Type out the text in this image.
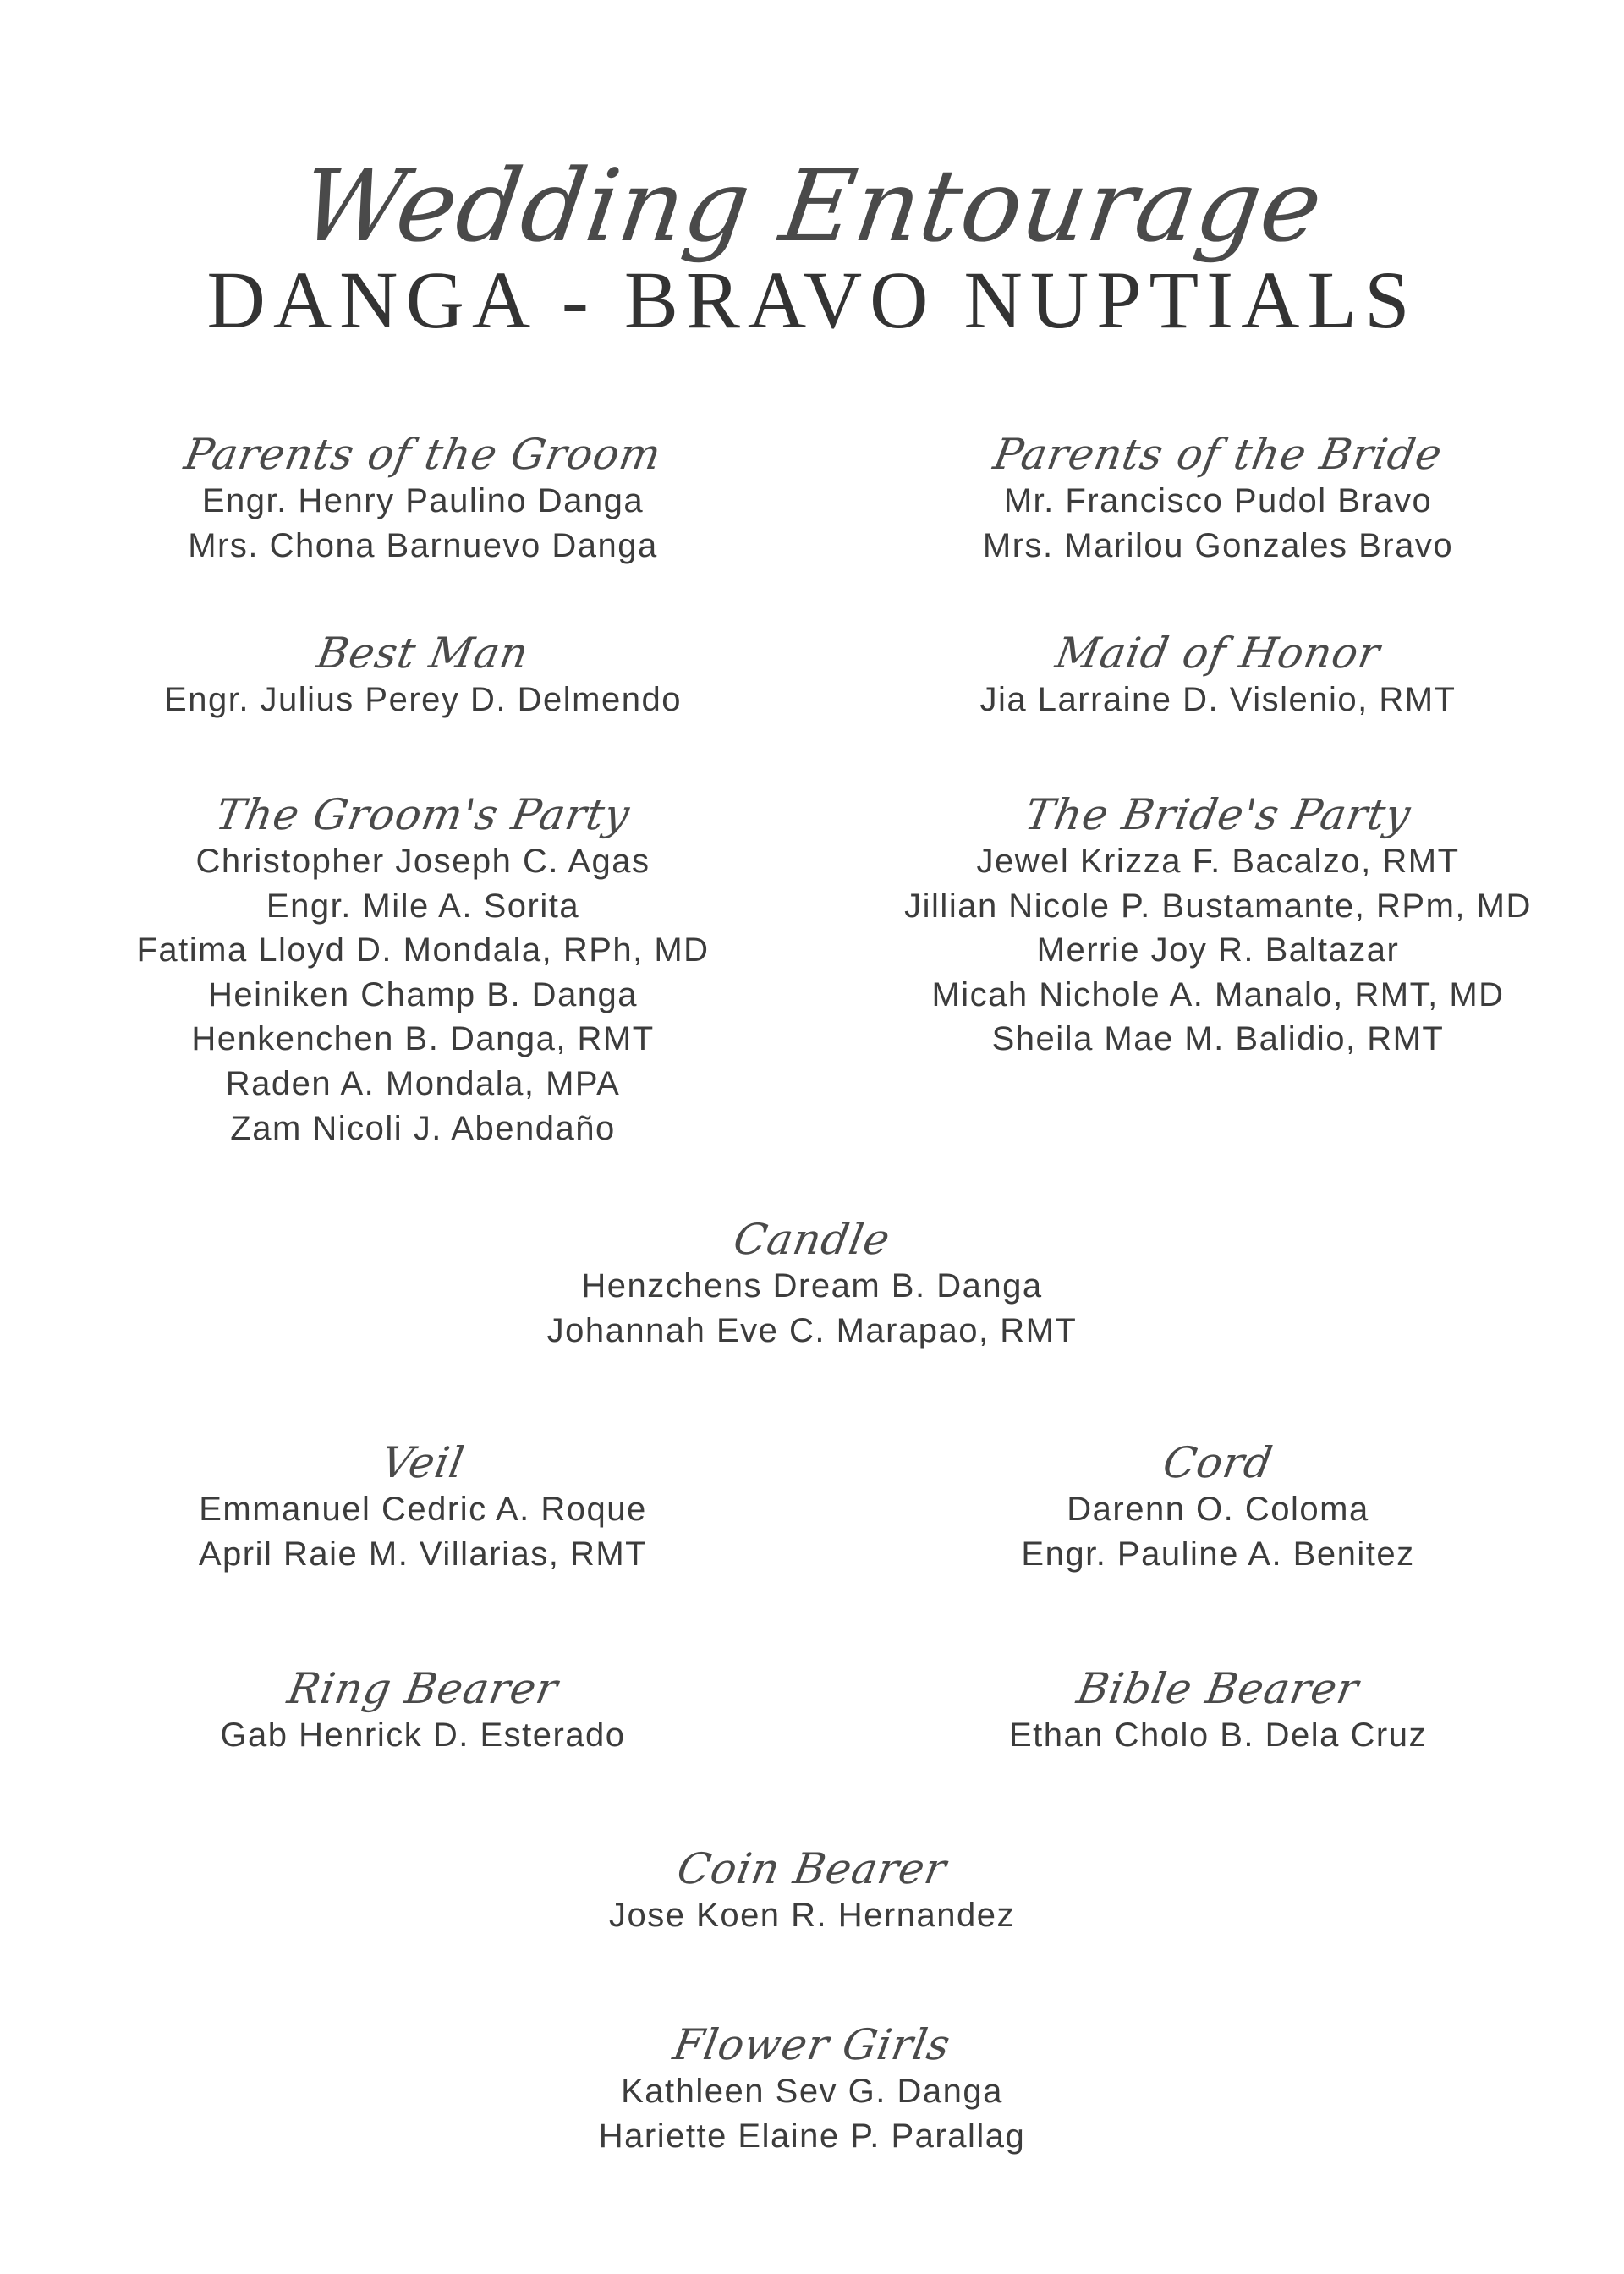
Wedding Entourage
DANGA - BRAVO NUPTIALS
Parents of the Groom
Engr. Henry Paulino Danga
Mrs. Chona Barnuevo Danga
Parents of the Bride
Mr. Francisco Pudol Bravo
Mrs. Marilou Gonzales Bravo
Best Man
Engr. Julius Perey D. Delmendo
Maid of Honor
Jia Larraine D. Vislenio, RMT
The Groom's Party
Christopher Joseph C. Agas
Engr. Mile A. Sorita
Fatima Lloyd D. Mondala, RPh, MD
Heiniken Champ B. Danga
Henkenchen B. Danga, RMT
Raden A. Mondala, MPA
Zam Nicoli J. Abendaño
The Bride's Party
Jewel Krizza F. Bacalzo, RMT
Jillian Nicole P. Bustamante, RPm, MD
Merrie Joy R. Baltazar
Micah Nichole A. Manalo, RMT, MD
Sheila Mae M. Balidio, RMT
Candle
Henzchens Dream B. Danga
Johannah Eve C. Marapao, RMT
Veil
Emmanuel Cedric A. Roque
April Raie M. Villarias, RMT
Cord
Darenn O. Coloma
Engr. Pauline A. Benitez
Ring Bearer
Gab Henrick D. Esterado
Bible Bearer
Ethan Cholo B. Dela Cruz
Coin Bearer
Jose Koen R. Hernandez
Flower Girls
Kathleen Sev G. Danga
Hariette Elaine P. Parallag
